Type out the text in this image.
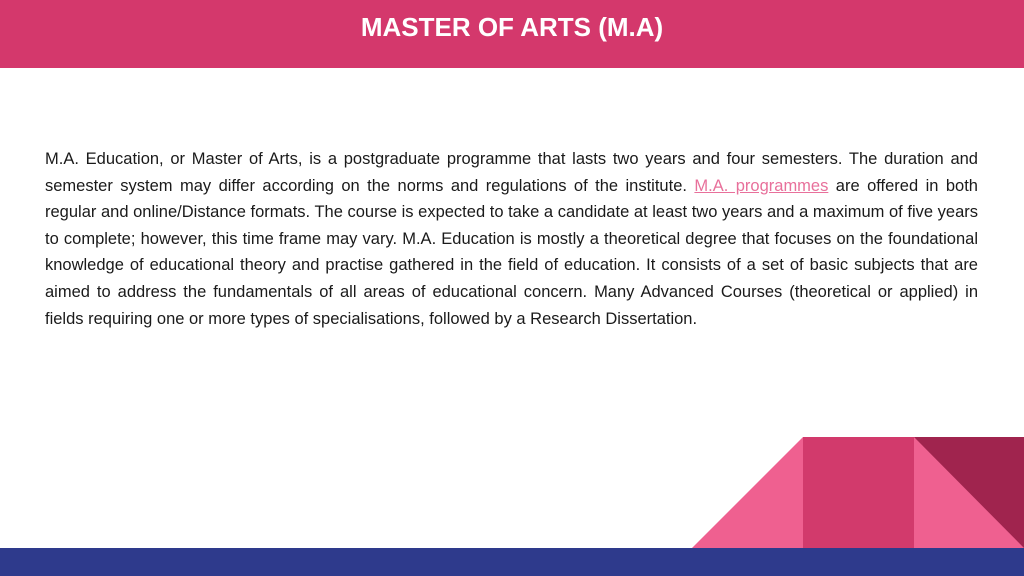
MASTER OF ARTS (M.A)

M.A. Education, or Master of Arts, is a postgraduate programme that lasts two years and four semesters. The duration and semester system may differ according on the norms and regulations of the institute. M.A. programmes are offered in both regular and online/Distance formats. The course is expected to take a candidate at least two years and a maximum of five years to complete; however, this time frame may vary. M.A. Education is mostly a theoretical degree that focuses on the foundational knowledge of educational theory and practise gathered in the field of education. It consists of a set of basic subjects that are aimed to address the fundamentals of all areas of educational concern. Many Advanced Courses (theoretical or applied) in fields requiring one or more types of specialisations, followed by a Research Dissertation.
